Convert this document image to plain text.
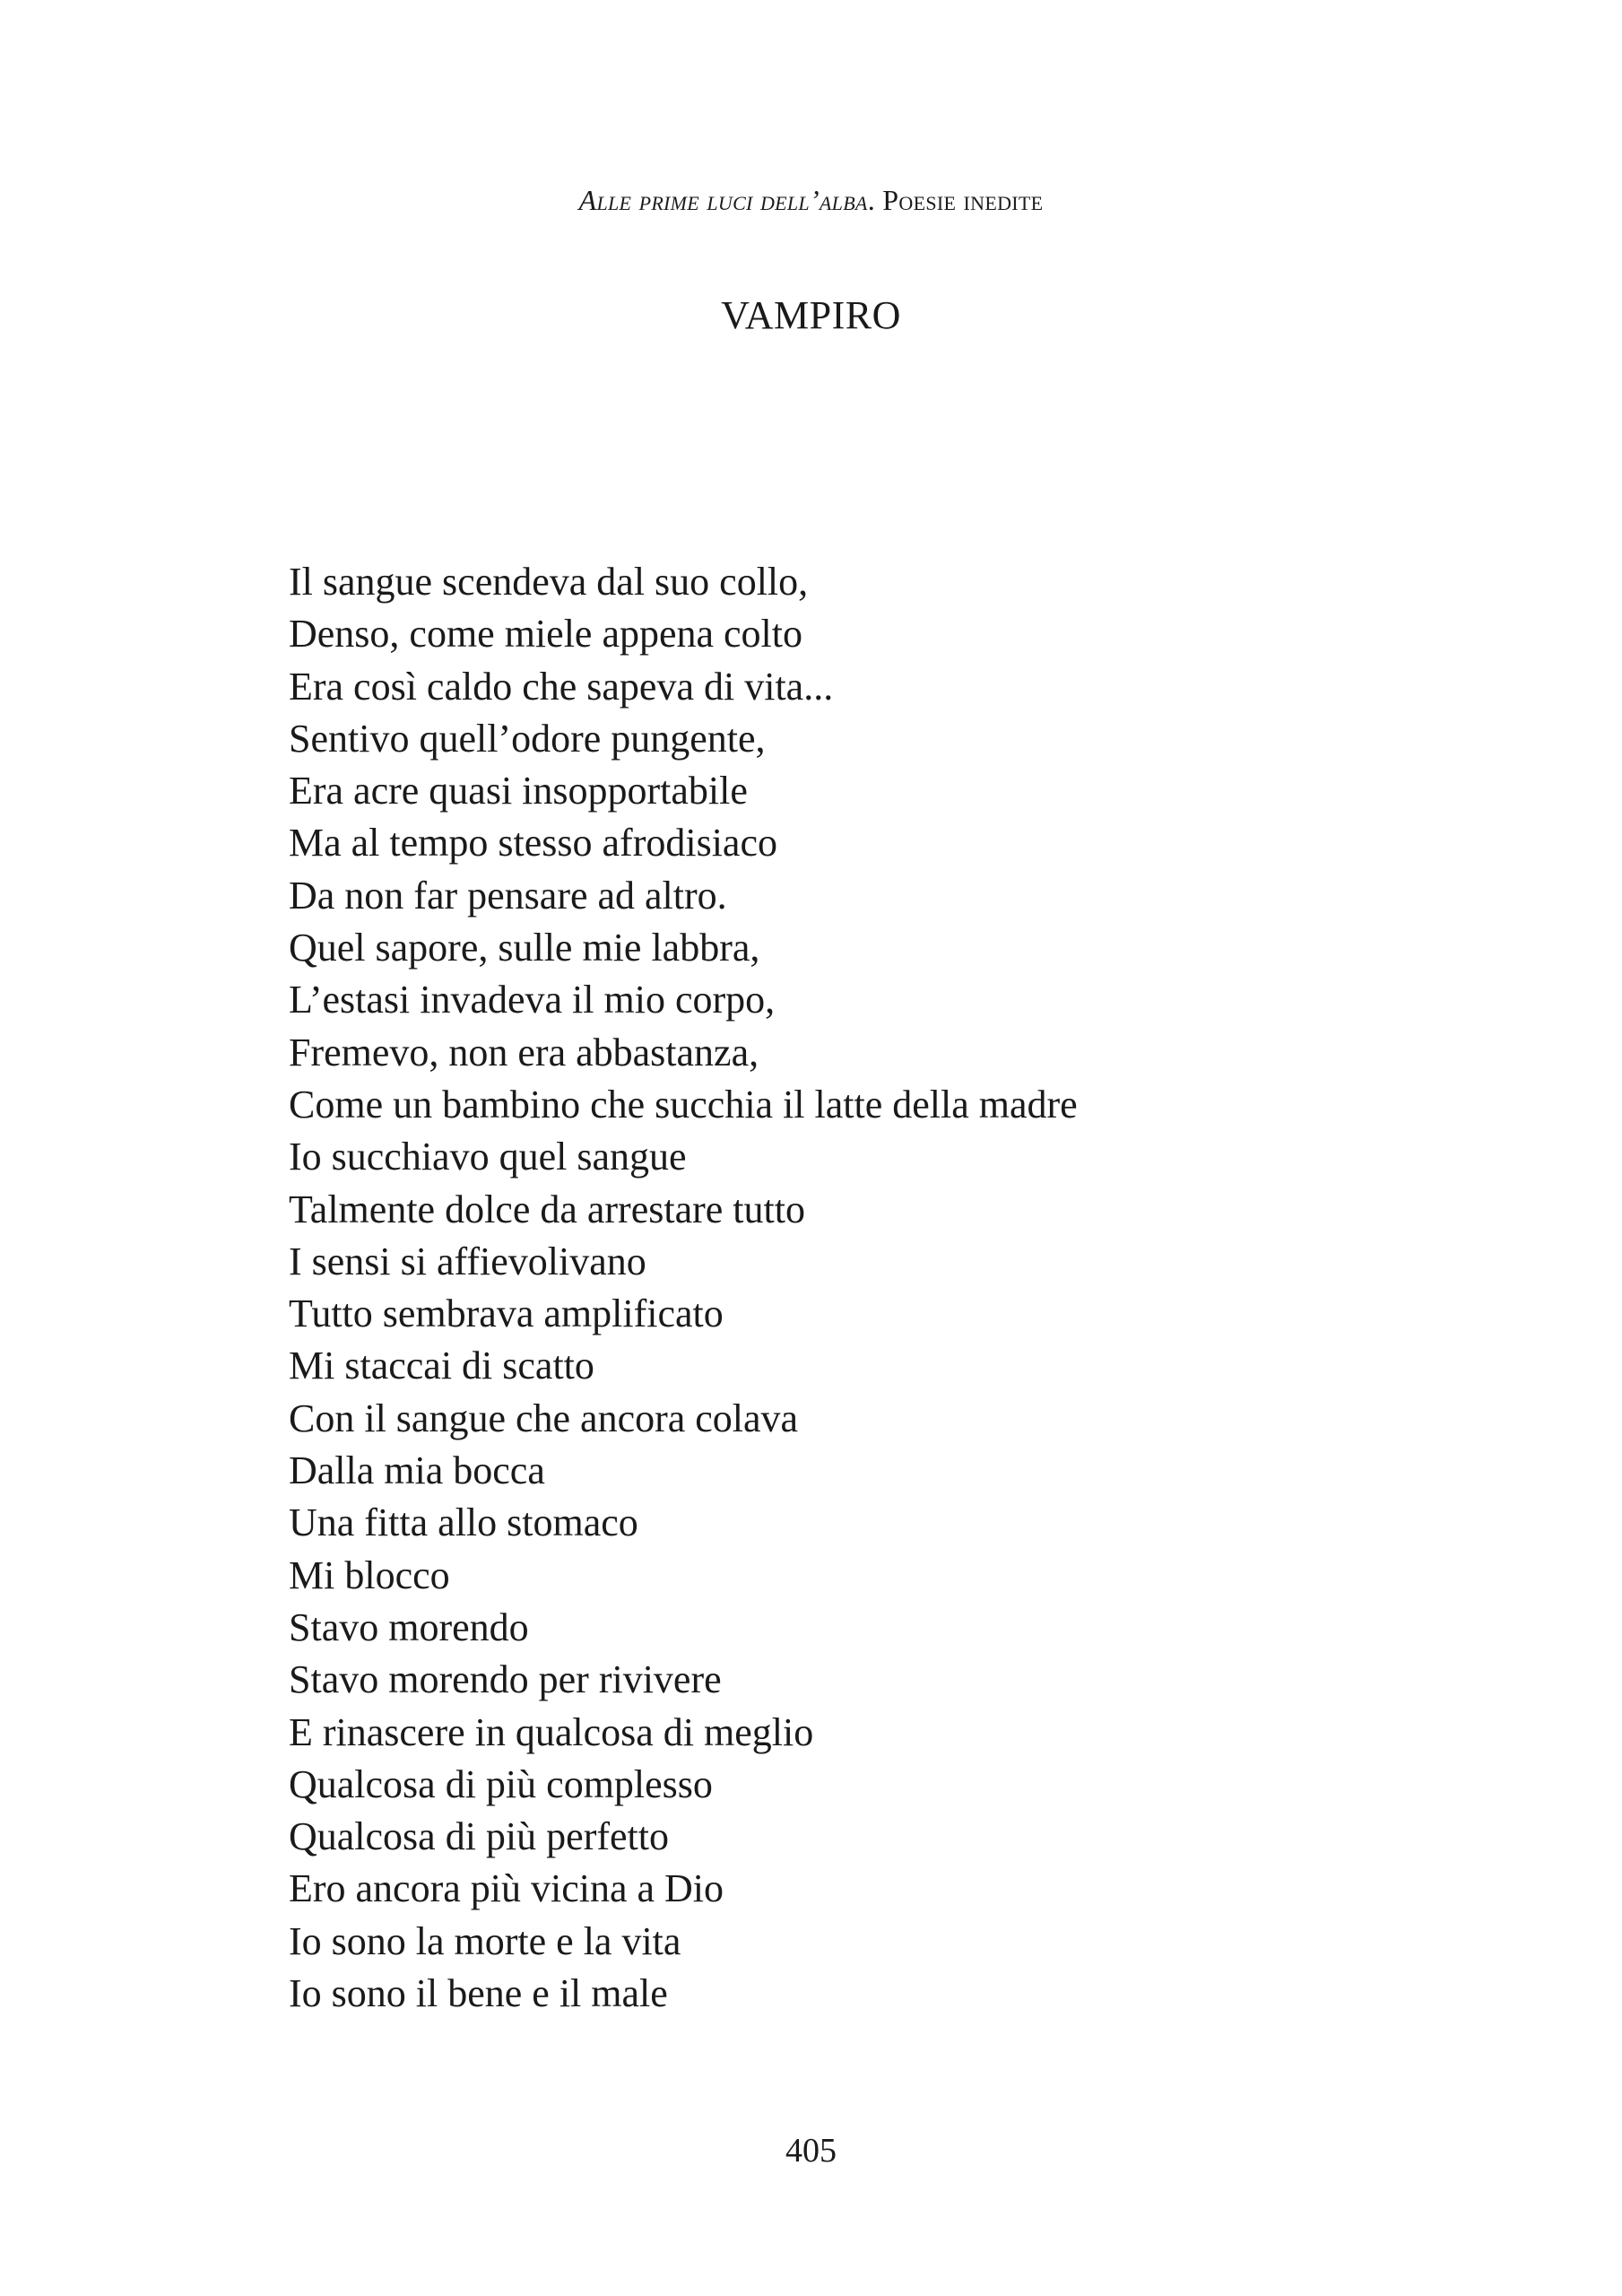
Alle prime luci dell’alba. Poesie inedite
VAMPIRO
Il sangue scendeva dal suo collo,
Denso, come miele appena colto
Era così caldo che sapeva di vita...
Sentivo quell’odore pungente,
Era acre quasi insopportabile
Ma al tempo stesso afrodisiaco
Da non far pensare ad altro.
Quel sapore, sulle mie labbra,
L’estasi invadeva il mio corpo,
Fremevo, non era abbastanza,
Come un bambino che succhia il latte della madre
Io succhiavo quel sangue
Talmente dolce da arrestare tutto
I sensi si affievolivano
Tutto sembrava amplificato
Mi staccai di scatto
Con il sangue che ancora colava
Dalla mia bocca
Una fitta allo stomaco
Mi blocco
Stavo morendo
Stavo morendo per rivivere
E rinascere in qualcosa di meglio
Qualcosa di più complesso
Qualcosa di più perfetto
Ero ancora più vicina a Dio
Io sono la morte e la vita
Io sono il bene e il male
405
